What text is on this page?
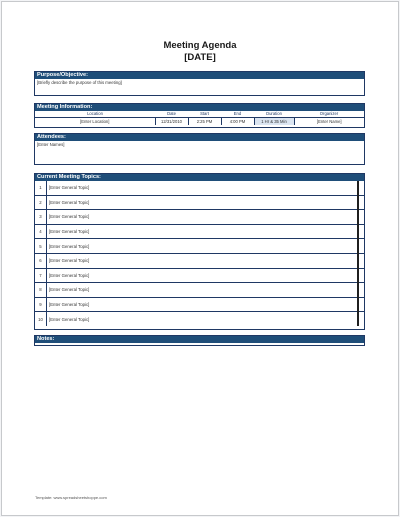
Meeting Agenda
[DATE]
Purpose/Objective:
[Briefly describe the purpose of this meeting]
Meeting Information:
Location	Date	Start	End	Duration	Organizer
[Enter Location]	12/31/2010	2:25 PM	4:00 PM	1 Hr & 35 Min	[Enter Name]
Attendees:
[Enter Names]
Current Meeting Topics:
1	[Enter General Topic]	
2	[Enter General Topic]	
3	[Enter General Topic]	
4	[Enter General Topic]	
5	[Enter General Topic]	
6	[Enter General Topic]	
7	[Enter General Topic]	
8	[Enter General Topic]	
9	[Enter General Topic]	
10	[Enter General Topic]	
Notes:
Template: www.spreadsheetshoppe.com
